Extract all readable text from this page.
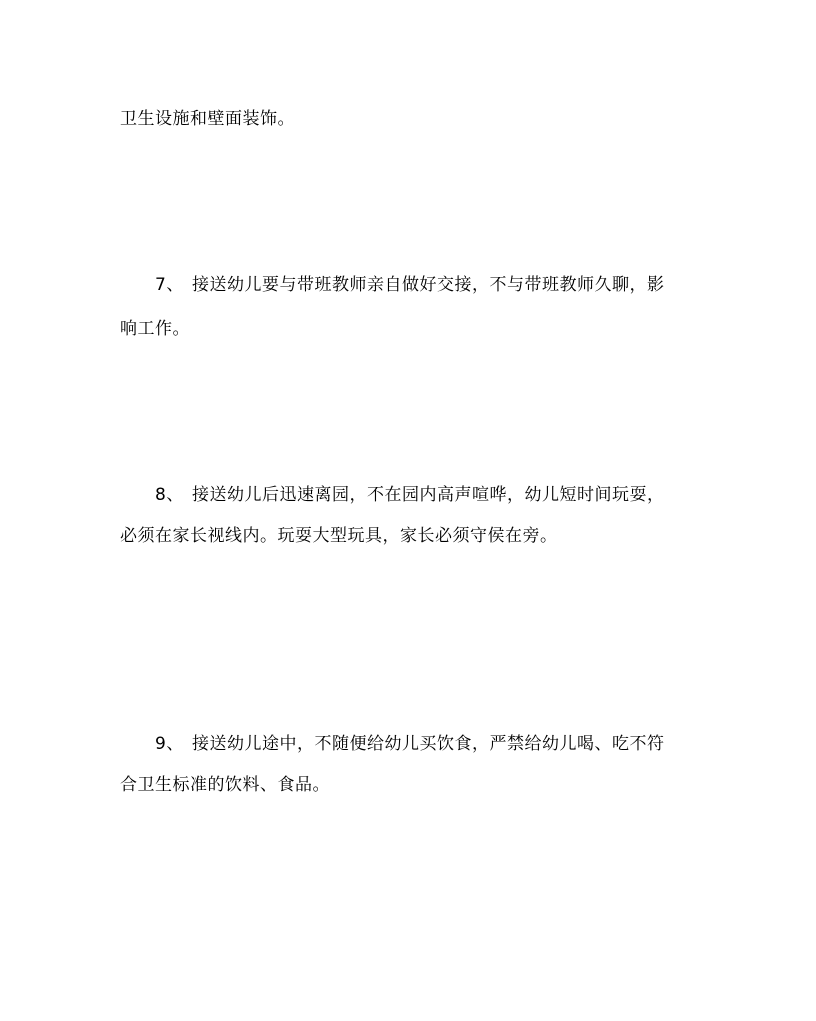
卫生设施和壁面装饰。
7、 接送幼儿要与带班教师亲自做好交接，不与带班教师久聊，影
响工作。
8、 接送幼儿后迅速离园，不在园内高声喧哗，幼儿短时间玩耍，
必须在家长视线内。玩耍大型玩具，家长必须守侯在旁。
9、 接送幼儿途中，不随便给幼儿买饮食，严禁给幼儿喝、吃不符
合卫生标准的饮料、食品。
